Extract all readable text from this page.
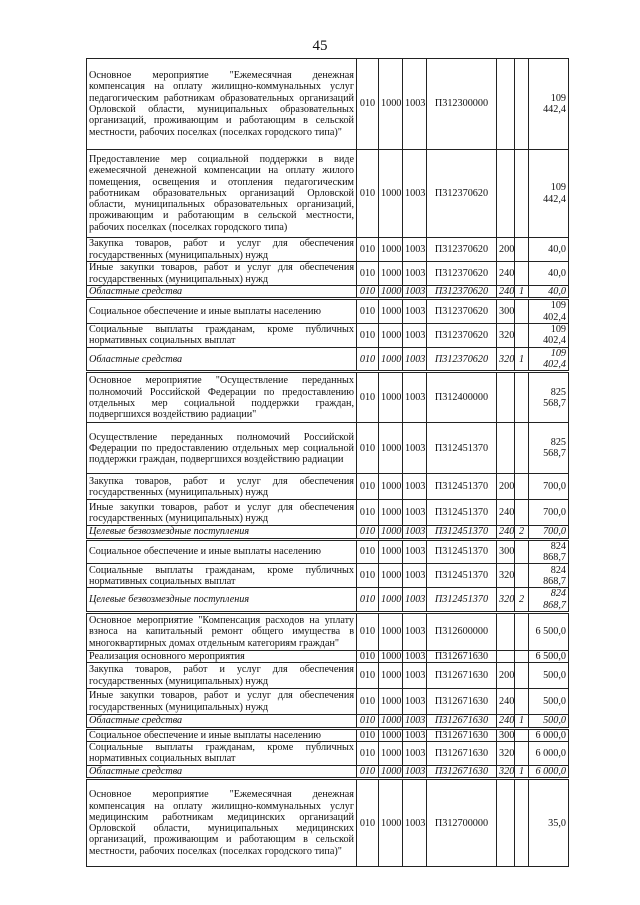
45
Основное мероприятие "Ежемесячная денежная компенсация на оплату жилищно-коммунальных услуг педагогическим работникам образовательных организаций Орловской области, муниципальных образовательных организаций, проживающим и работающим в сельской местности, рабочих поселках (поселках городского типа)"	010	1000	1003	П312300000			109 442,4
Предоставление мер социальной поддержки в виде ежемесячной денежной компенсации на оплату жилого помещения, освещения и отопления педагогическим работникам образовательных организаций Орловской области, муниципальных образовательных организаций, проживающим и работающим в сельской местности, рабочих поселках (поселках городского типа)	010	1000	1003	П312370620			109 442,4
Закупка товаров, работ и услуг для обеспечения государственных (муниципальных) нужд	010	1000	1003	П312370620	200		40,0
Иные закупки товаров, работ и услуг для обеспечения государственных (муниципальных) нужд	010	1000	1003	П312370620	240		40,0
Областные средства	010	1000	1003	П312370620	240	1	40,0
Социальное обеспечение и иные выплаты населению	010	1000	1003	П312370620	300		109 402,4
Социальные выплаты гражданам, кроме публичных нормативных социальных выплат	010	1000	1003	П312370620	320		109 402,4
Областные средства	010	1000	1003	П312370620	320	1	109 402,4
Основное мероприятие "Осуществление переданных полномочий Российской Федерации по предоставлению отдельных мер социальной поддержки граждан, подвергшихся воздействию радиации"	010	1000	1003	П312400000			825 568,7
Осуществление переданных полномочий Российской Федерации по предоставлению отдельных мер социальной поддержки граждан, подвергшихся воздействию радиации	010	1000	1003	П312451370			825 568,7
Закупка товаров, работ и услуг для обеспечения государственных (муниципальных) нужд	010	1000	1003	П312451370	200		700,0
Иные закупки товаров, работ и услуг для обеспечения государственных (муниципальных) нужд	010	1000	1003	П312451370	240		700,0
Целевые безвозмездные поступления	010	1000	1003	П312451370	240	2	700,0
Социальное обеспечение и иные выплаты населению	010	1000	1003	П312451370	300		824 868,7
Социальные выплаты гражданам, кроме публичных нормативных социальных выплат	010	1000	1003	П312451370	320		824 868,7
Целевые безвозмездные поступления	010	1000	1003	П312451370	320	2	824 868,7
Основное мероприятие "Компенсация расходов на уплату взноса на капитальный ремонт общего имущества в многоквартирных домах отдельным категориям граждан"	010	1000	1003	П312600000			6 500,0
Реализация основного мероприятия	010	1000	1003	П312671630			6 500,0
Закупка товаров, работ и услуг для обеспечения государственных (муниципальных) нужд	010	1000	1003	П312671630	200		500,0
Иные закупки товаров, работ и услуг для обеспечения государственных (муниципальных) нужд	010	1000	1003	П312671630	240		500,0
Областные средства	010	1000	1003	П312671630	240	1	500,0
Социальное обеспечение и иные выплаты населению	010	1000	1003	П312671630	300		6 000,0
Социальные выплаты гражданам, кроме публичных нормативных социальных выплат	010	1000	1003	П312671630	320		6 000,0
Областные средства	010	1000	1003	П312671630	320	1	6 000,0
Основное мероприятие "Ежемесячная денежная компенсация на оплату жилищно-коммунальных услуг медицинским работникам медицинских организаций Орловской области, муниципальных медицинских организаций, проживающим и работающим в сельской местности, рабочих поселках (поселках городского типа)"	010	1000	1003	П312700000			35,0
